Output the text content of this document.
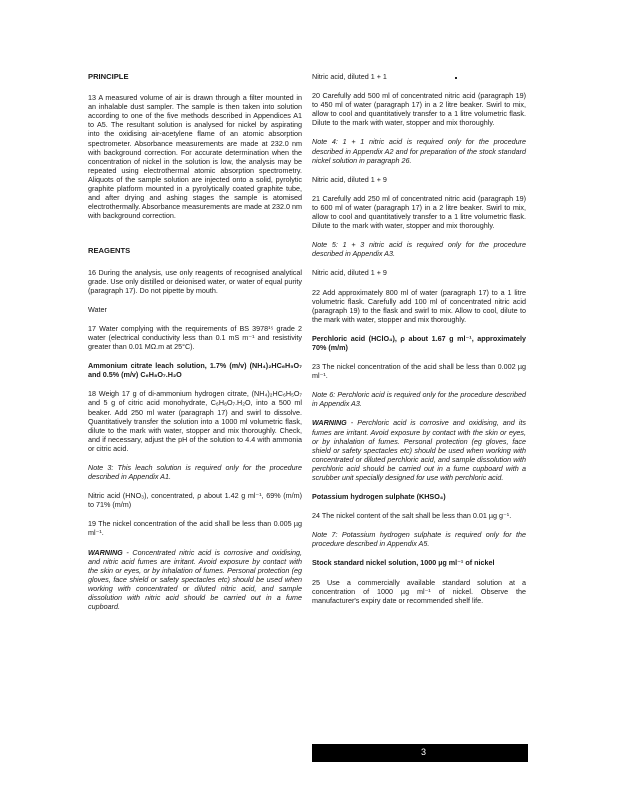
PRINCIPLE

13 A measured volume of air is drawn through a filter mounted in an inhalable dust sampler. The sample is then taken into solution according to one of the five methods described in Appendices A1 to A5. The resultant solution is analysed for nickel by aspirating into the oxidising air-acetylene flame of an atomic absorption spectrometer. Absorbance measurements are made at 232.0 nm with background correction. For accurate determination when the concentration of nickel in the solution is low, the analysis may be repeated using electrothermal atomic absorption spectrometry. Aliquots of the sample solution are injected onto a solid, pyrolytic graphite platform mounted in a pyrolytically coated graphite tube, and after drying and ashing stages the sample is atomised electrothermally. Absorbance measurements are made at 232.0 nm with background correction.

REAGENTS

16 During the analysis, use only reagents of recognised analytical grade. Use only distilled or deionised water, or water of equal purity (paragraph 17). Do not pipette by mouth.

Water

17 Water complying with the requirements of BS 3978¹⁵ grade 2 water (electrical conductivity less than 0.1 mS m⁻¹ and resistivity greater than 0.01 MΩ.m at 25°C).

Ammonium citrate leach solution, 1.7% (m/v) (NH₄)₂HC₆H₅O₇ and 0.5% (m/v) C₆H₈O₇.H₂O

18 Weigh 17 g of di-ammonium hydrogen citrate, (NH₄)₂HC₆H₅O₇ and 5 g of citric acid monohydrate, C₆H₈O₇.H₂O, into a 500 ml beaker. Add 250 ml water (paragraph 17) and swirl to dissolve. Quantitatively transfer the solution into a 1000 ml volumetric flask, dilute to the mark with water, stopper and mix thoroughly. Check, and if necessary, adjust the pH of the solution to 4.4 with ammonia or citric acid.

Note 3: This leach solution is required only for the procedure described in Appendix A1.

Nitric acid (HNO₃), concentrated, ρ about 1.42 g ml⁻¹, 69% (m/m) to 71% (m/m)

19 The nickel concentration of the acid shall be less than 0.005 µg ml⁻¹.

WARNING - Concentrated nitric acid is corrosive and oxidising, and nitric acid fumes are irritant. Avoid exposure by contact with the skin or eyes, or by inhalation of fumes. Personal protection (eg gloves, face shield or safety spectacles etc) should be used when working with concentrated or diluted nitric acid, and sample dissolution with nitric acid should be carried out in a fume cupboard.

Nitric acid, diluted 1 + 1

20 Carefully add 500 ml of concentrated nitric acid (paragraph 19) to 450 ml of water (paragraph 17) in a 2 litre beaker. Swirl to mix, allow to cool and quantitatively transfer to a 1 litre volumetric flask. Dilute to the mark with water, stopper and mix thoroughly.

Note 4: 1 + 1 nitric acid is required only for the procedure described in Appendix A2 and for preparation of the stock standard nickel solution in paragraph 26.

Nitric acid, diluted 1 + 9

21 Carefully add 250 ml of concentrated nitric acid (paragraph 19) to 600 ml of water (paragraph 17) in a 2 litre beaker. Swirl to mix, allow to cool and quantitatively transfer to a 1 litre volumetric flask. Dilute to the mark with water, stopper and mix thoroughly.

Note 5: 1 + 3 nitric acid is required only for the procedure described in Appendix A3.

Nitric acid, diluted 1 + 9

22 Add approximately 800 ml of water (paragraph 17) to a 1 litre volumetric flask. Carefully add 100 ml of concentrated nitric acid (paragraph 19) to the flask and swirl to mix. Allow to cool, dilute to the mark with water, stopper and mix thoroughly.

Perchloric acid (HClO₄), ρ about 1.67 g ml⁻¹, approximately 70% (m/m)

23 The nickel concentration of the acid shall be less than 0.002 µg ml⁻¹.

Note 6: Perchloric acid is required only for the procedure described in Appendix A3.

WARNING - Perchloric acid is corrosive and oxidising, and its fumes are irritant. Avoid exposure by contact with the skin or eyes, or by inhalation of fumes. Personal protection (eg gloves, face shield or safety spectacles etc) should be used when working with concentrated or diluted perchloric acid, and sample dissolution with perchloric acid should be carried out in a fume cupboard with a scrubber unit specially designed for use with perchloric acid.

Potassium hydrogen sulphate (KHSO₄)

24 The nickel content of the salt shall be less than 0.01 µg g⁻¹.

Note 7: Potassium hydrogen sulphate is required only for the procedure described in Appendix A5.

Stock standard nickel solution, 1000 µg ml⁻¹ of nickel

25 Use a commercially available standard solution at a concentration of 1000 µg ml⁻¹ of nickel. Observe the manufacturer's expiry date or recommended shelf life.

3
